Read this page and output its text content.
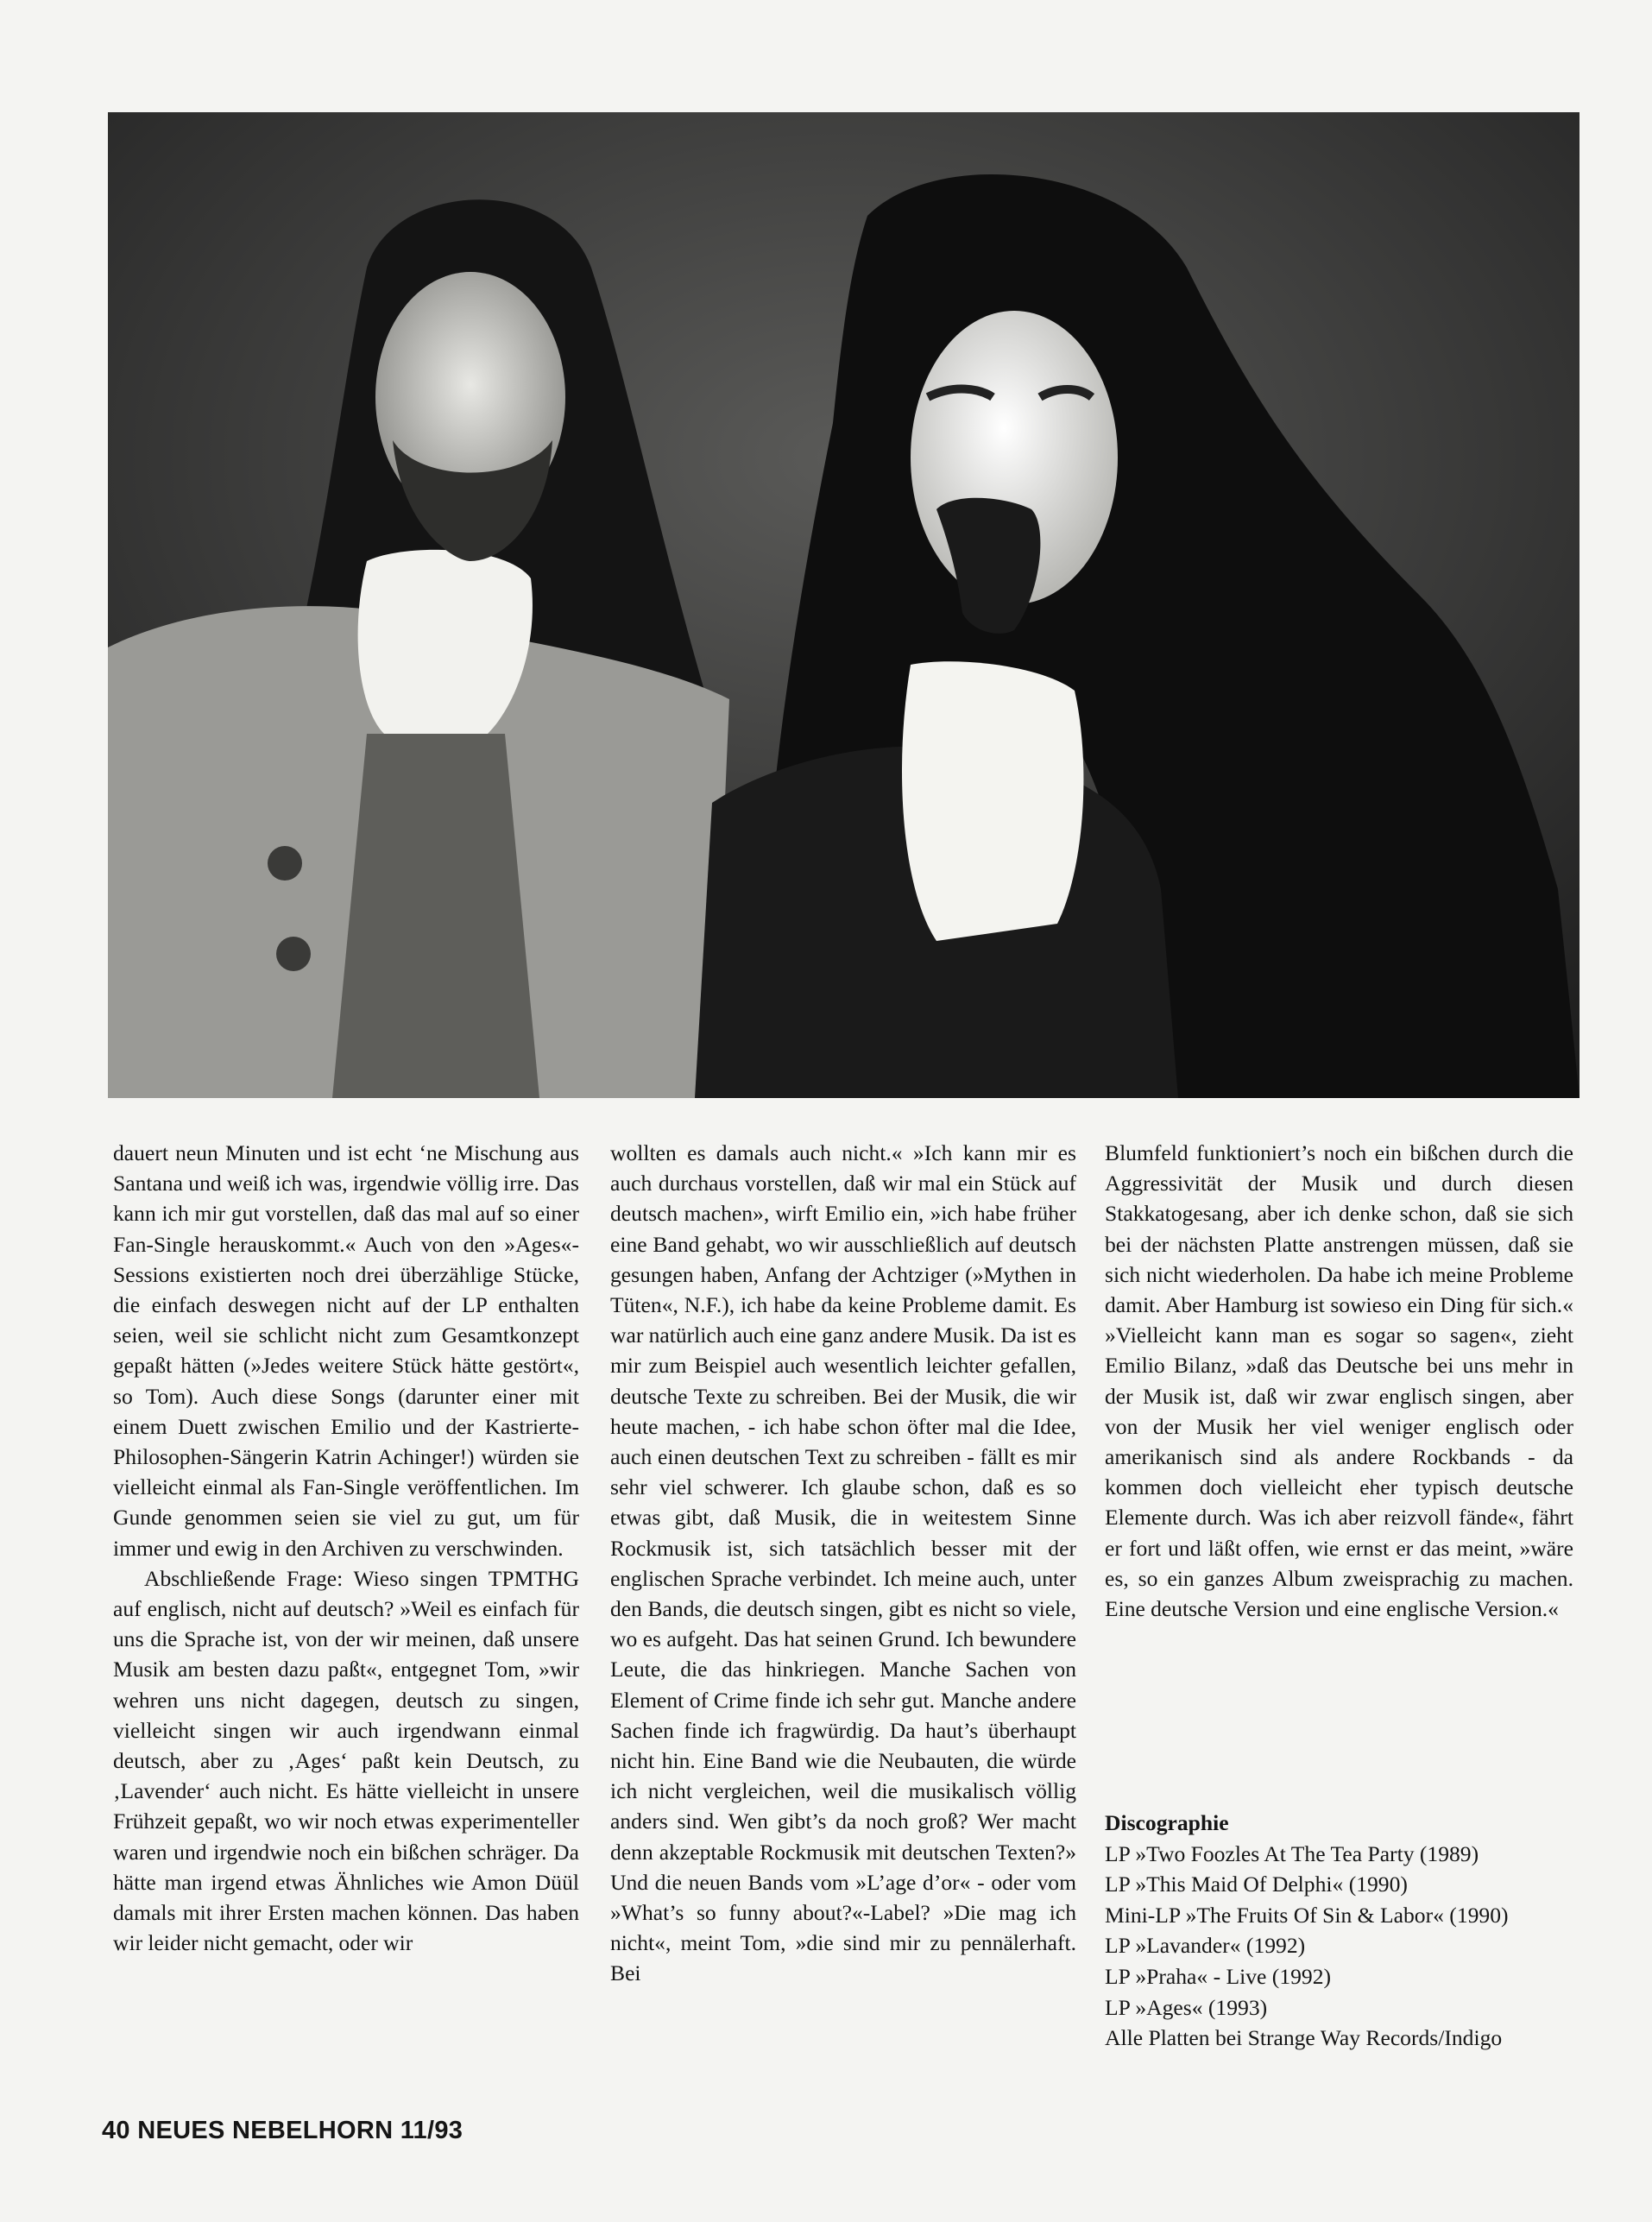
dauert neun Minuten und ist echt ‘ne Mischung aus Santana und weiß ich was, irgendwie völlig irre. Das kann ich mir gut vorstellen, daß das mal auf so einer Fan-Single herauskommt.« Auch von den »Ages«-Sessions existierten noch drei überzählige Stücke, die einfach deswegen nicht auf der LP enthalten seien, weil sie schlicht nicht zum Gesamtkonzept gepaßt hätten (»Jedes weitere Stück hätte gestört«, so Tom). Auch diese Songs (darunter einer mit einem Duett zwischen Emilio und der Kastrierte-Philosophen-Sängerin Katrin Achinger!) würden sie vielleicht einmal als Fan-Single veröffentlichen. Im Gunde genommen seien sie viel zu gut, um für immer und ewig in den Archiven zu verschwinden.

Abschließende Frage: Wieso singen TPMTHG auf englisch, nicht auf deutsch? »Weil es einfach für uns die Sprache ist, von der wir meinen, daß unsere Musik am besten dazu paßt«, entgegnet Tom, »wir wehren uns nicht dagegen, deutsch zu singen, vielleicht singen wir auch irgendwann einmal deutsch, aber zu ‚Ages‘ paßt kein Deutsch, zu ‚Lavender‘ auch nicht. Es hätte vielleicht in unsere Frühzeit gepaßt, wo wir noch etwas experimenteller waren und irgendwie noch ein bißchen schräger. Da hätte man irgend etwas Ähnliches wie Amon Düül damals mit ihrer Ersten machen können. Das haben wir leider nicht gemacht, oder wir

wollten es damals auch nicht.« »Ich kann mir es auch durchaus vorstellen, daß wir mal ein Stück auf deutsch machen», wirft Emilio ein, »ich habe früher eine Band gehabt, wo wir ausschließlich auf deutsch gesungen haben, Anfang der Achtziger (»Mythen in Tüten«, N.F.), ich habe da keine Probleme damit. Es war natürlich auch eine ganz andere Musik. Da ist es mir zum Beispiel auch wesentlich leichter gefallen, deutsche Texte zu schreiben. Bei der Musik, die wir heute machen, - ich habe schon öfter mal die Idee, auch einen deutschen Text zu schreiben - fällt es mir sehr viel schwerer. Ich glaube schon, daß es so etwas gibt, daß Musik, die in weitestem Sinne Rockmusik ist, sich tatsächlich besser mit der englischen Sprache verbindet. Ich meine auch, unter den Bands, die deutsch singen, gibt es nicht so viele, wo es aufgeht. Das hat seinen Grund. Ich bewundere Leute, die das hinkriegen. Manche Sachen von Element of Crime finde ich sehr gut. Manche andere Sachen finde ich fragwürdig. Da haut’s überhaupt nicht hin. Eine Band wie die Neubauten, die würde ich nicht vergleichen, weil die musikalisch völlig anders sind. Wen gibt’s da noch groß? Wer macht denn akzeptable Rockmusik mit deutschen Texten?» Und die neuen Bands vom »L’age d’or« - oder vom »What’s so funny about?«-Label? »Die mag ich nicht«, meint Tom, »die sind mir zu pennälerhaft. Bei

Blumfeld funktioniert’s noch ein bißchen durch die Aggressivität der Musik und durch diesen Stakkatogesang, aber ich denke schon, daß sie sich bei der nächsten Platte anstrengen müssen, daß sie sich nicht wiederholen. Da habe ich meine Probleme damit. Aber Hamburg ist sowieso ein Ding für sich.« »Vielleicht kann man es sogar so sagen«, zieht Emilio Bilanz, »daß das Deutsche bei uns mehr in der Musik ist, daß wir zwar englisch singen, aber von der Musik her viel weniger englisch oder amerikanisch sind als andere Rockbands - da kommen doch vielleicht eher typisch deutsche Elemente durch. Was ich aber reizvoll fände«, fährt er fort und läßt offen, wie ernst er das meint, »wäre es, so ein ganzes Album zweisprachig zu machen. Eine deutsche Version und eine englische Version.«

Discographie
LP »Two Foozles At The Tea Party (1989)
LP »This Maid Of Delphi« (1990)
Mini-LP »The Fruits Of Sin & Labor« (1990)
LP »Lavander« (1992)
LP »Praha« - Live (1992)
LP »Ages« (1993)
Alle Platten bei Strange Way Records/Indigo
40 NEUES NEBELHORN 11/93
